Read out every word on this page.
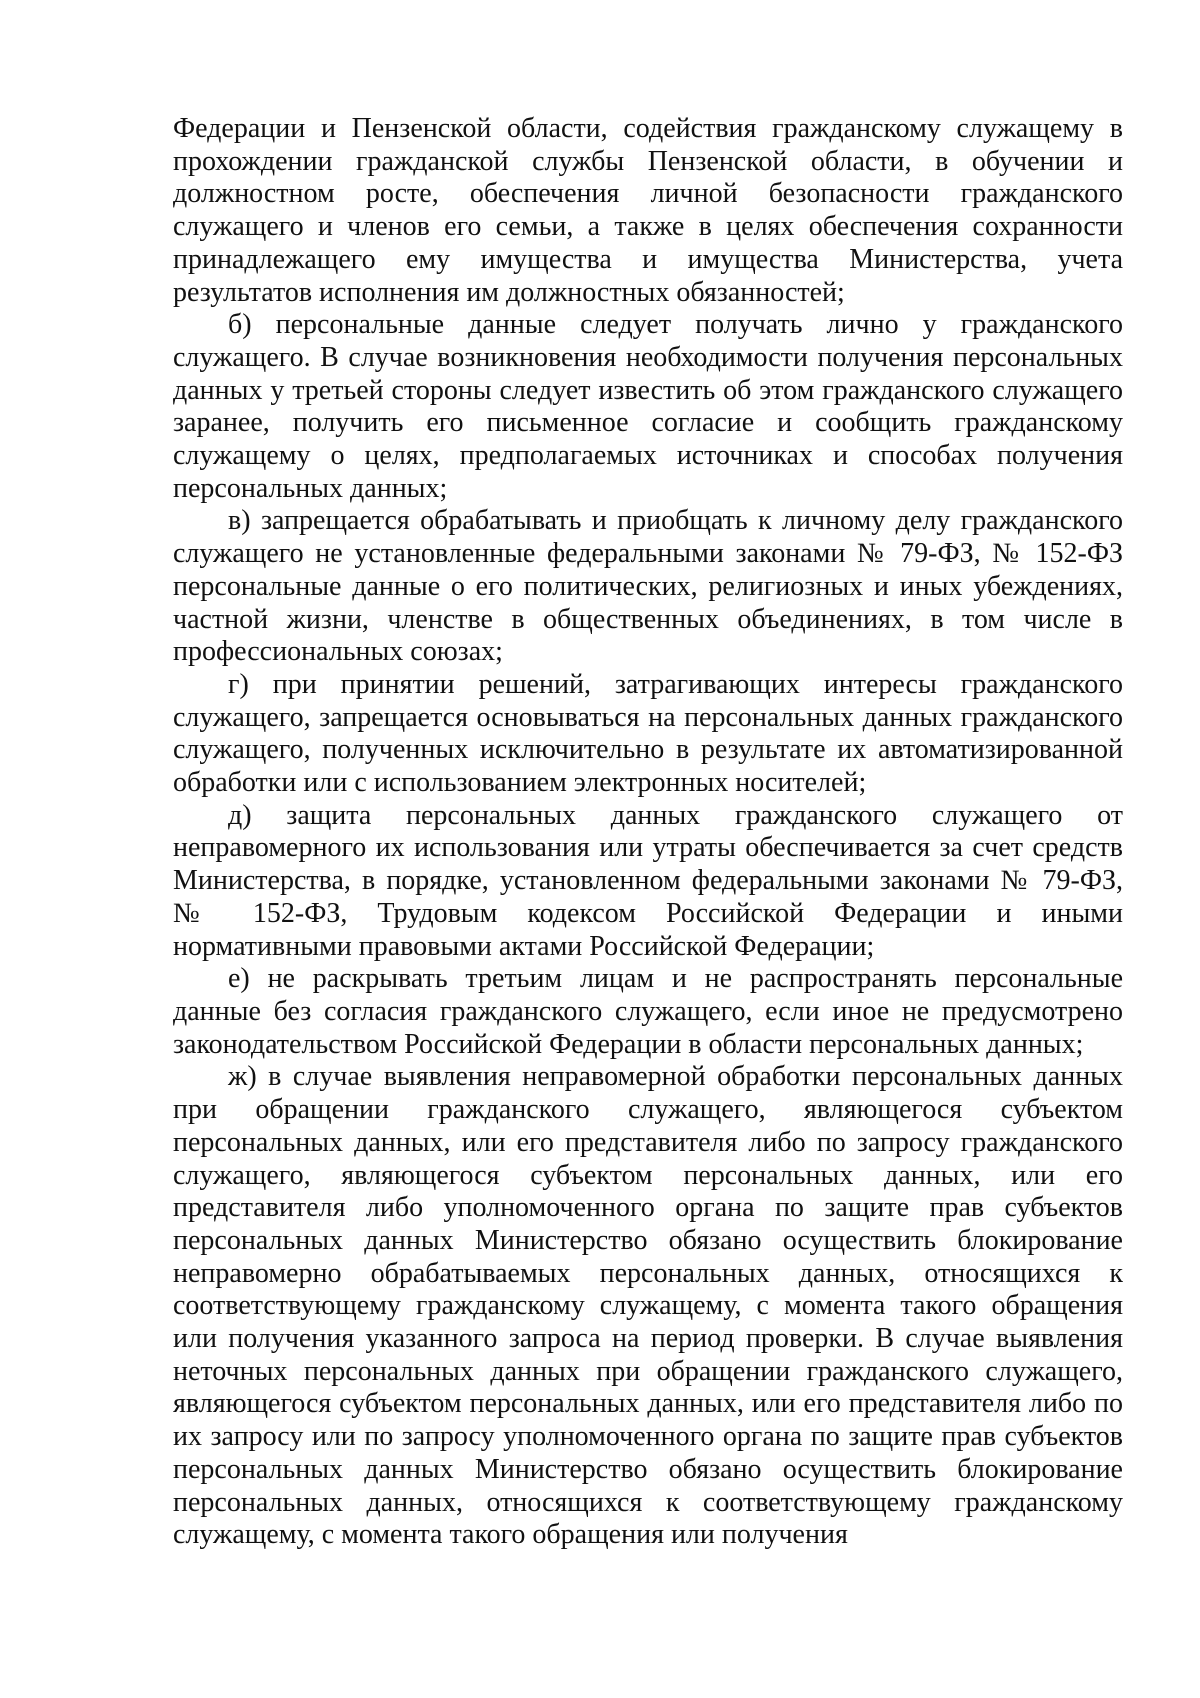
Федерации и Пензенской области, содействия гражданскому служащему в прохождении гражданской службы Пензенской области, в обучении и должностном росте, обеспечения личной безопасности гражданского служащего и членов его семьи, а также в целях обеспечения сохранности принадлежащего ему имущества и имущества Министерства, учета результатов исполнения им должностных обязанностей;

б) персональные данные следует получать лично у гражданского служащего. В случае возникновения необходимости получения персональных данных у третьей стороны следует известить об этом гражданского служащего заранее, получить его письменное согласие и сообщить гражданскому служащему о целях, предполагаемых источниках и способах получения персональных данных;

в) запрещается обрабатывать и приобщать к личному делу гражданского служащего не установленные федеральными законами № 79-ФЗ, № 152-ФЗ персональные данные о его политических, религиозных и иных убеждениях, частной жизни, членстве в общественных объединениях, в том числе в профессиональных союзах;

г) при принятии решений, затрагивающих интересы гражданского служащего, запрещается основываться на персональных данных гражданского служащего, полученных исключительно в результате их автоматизированной обработки или с использованием электронных носителей;

д) защита персональных данных гражданского служащего от неправомерного их использования или утраты обеспечивается за счет средств Министерства, в порядке, установленном федеральными законами № 79-ФЗ, № 152-ФЗ, Трудовым кодексом Российской Федерации и иными нормативными правовыми актами Российской Федерации;

е) не раскрывать третьим лицам и не распространять персональные данные без согласия гражданского служащего, если иное не предусмотрено законодательством Российской Федерации в области персональных данных;

ж) в случае выявления неправомерной обработки персональных данных при обращении гражданского служащего, являющегося субъектом персональных данных, или его представителя либо по запросу гражданского служащего, являющегося субъектом персональных данных, или его представителя либо уполномоченного органа по защите прав субъектов персональных данных Министерство обязано осуществить блокирование неправомерно обрабатываемых персональных данных, относящихся к соответствующему гражданскому служащему, с момента такого обращения или получения указанного запроса на период проверки. В случае выявления неточных персональных данных при обращении гражданского служащего, являющегося субъектом персональных данных, или его представителя либо по их запросу или по запросу уполномоченного органа по защите прав субъектов персональных данных Министерство обязано осуществить блокирование персональных данных, относящихся к соответствующему гражданскому служащему, с момента такого обращения или получения
